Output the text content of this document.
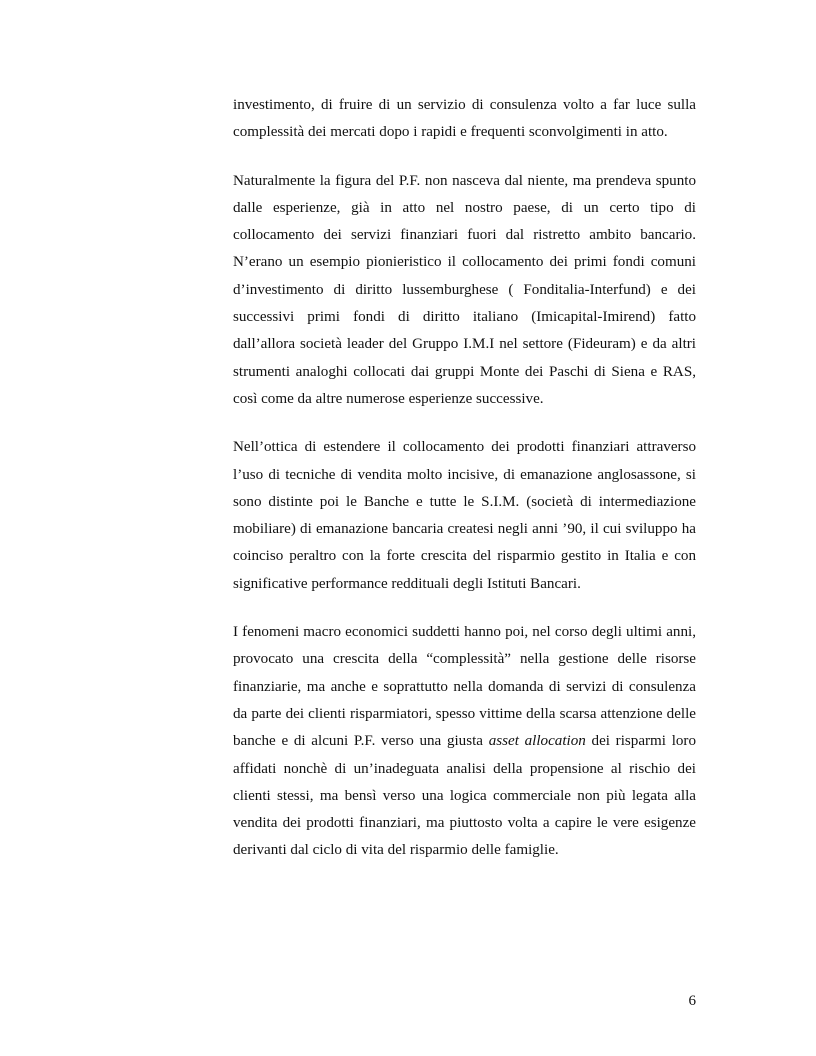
investimento, di fruire di un servizio di consulenza volto a far luce sulla complessità dei mercati dopo i rapidi e frequenti sconvolgimenti in atto.

Naturalmente la figura del P.F. non nasceva dal niente, ma prendeva spunto dalle esperienze, già in atto nel nostro paese, di un certo tipo di collocamento dei servizi finanziari fuori dal ristretto ambito bancario. N’erano un esempio pionieristico il collocamento dei primi fondi comuni d’investimento di diritto lussemburghese ( Fonditalia-Interfund) e dei successivi primi fondi di diritto italiano (Imicapital-Imirend) fatto dall’allora società leader del Gruppo I.M.I nel settore (Fideuram) e da altri strumenti analoghi collocati dai gruppi Monte dei Paschi di Siena e RAS, così come da altre numerose esperienze successive.

Nell’ottica di estendere il collocamento dei prodotti finanziari attraverso l’uso di tecniche di vendita molto incisive, di emanazione anglosassone, si sono distinte poi le Banche e tutte le S.I.M. (società di intermediazione mobiliare) di emanazione bancaria createsi negli anni ’90, il cui sviluppo ha coinciso peraltro con la forte crescita del risparmio gestito in Italia e con significative performance reddituali degli Istituti Bancari.

I fenomeni macro economici suddetti hanno poi, nel corso degli ultimi anni, provocato una crescita della “complessità” nella gestione delle risorse finanziarie, ma anche e soprattutto nella domanda di servizi di consulenza da parte dei clienti risparmiatori, spesso vittime della scarsa attenzione delle banche e di alcuni P.F. verso una giusta asset allocation dei risparmi loro affidati nonchè di un’inadeguata analisi della propensione al rischio dei clienti stessi, ma bensì verso una logica commerciale non più legata alla vendita dei prodotti finanziari, ma piuttosto volta a capire le vere esigenze derivanti dal ciclo di vita del risparmio delle famiglie.

6
